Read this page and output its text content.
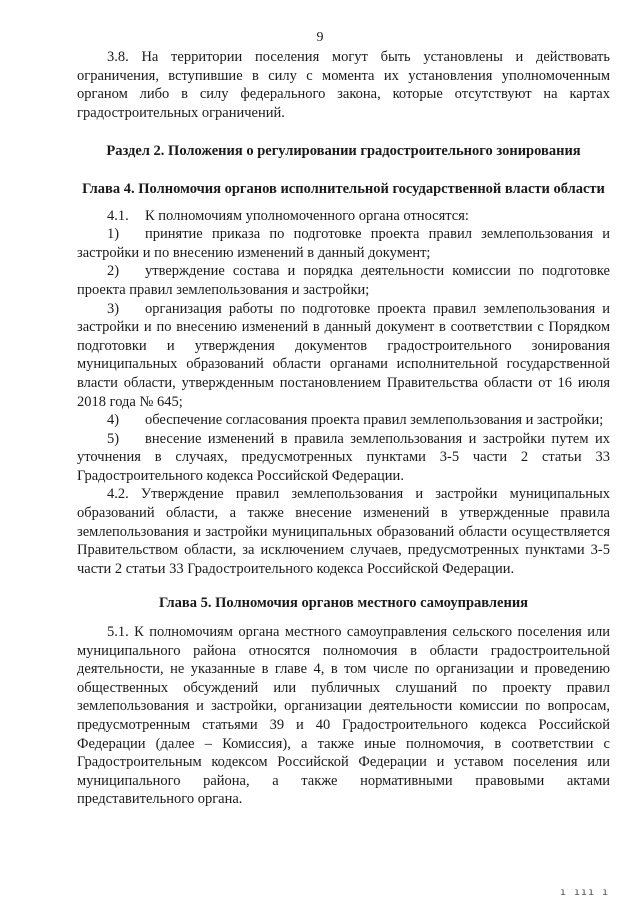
9

3.8. На территории поселения могут быть установлены и действовать ограничения, вступившие в силу с момента их установления уполномоченным органом либо в силу федерального закона, которые отсутствуют на картах градостроительных ограничений.

Раздел 2. Положения о регулировании градостроительного зонирования

Глава 4. Полномочия органов исполнительной государственной власти области

4.1. К полномочиям уполномоченного органа относятся:

1) принятие приказа по подготовке проекта правил землепользования и застройки и по внесению изменений в данный документ;

2) утверждение состава и порядка деятельности комиссии по подготовке проекта правил землепользования и застройки;

3) организация работы по подготовке проекта правил землепользования и застройки и по внесению изменений в данный документ в соответствии с Порядком подготовки и утверждения документов градостроительного зонирования муниципальных образований области органами исполнительной государственной власти области, утвержденным постановлением Правительства области от 16 июля 2018 года № 645;

4) обеспечение согласования проекта правил землепользования и застройки;

5) внесение изменений в правила землепользования и застройки путем их уточнения в случаях, предусмотренных пунктами 3-5 части 2 статьи 33 Градостроительного кодекса Российской Федерации.

4.2. Утверждение правил землепользования и застройки муниципальных образований области, а также внесение изменений в утвержденные правила землепользования и застройки муниципальных образований области осуществляется Правительством области, за исключением случаев, предусмотренных пунктами 3-5 части 2 статьи 33 Градостроительного кодекса Российской Федерации.

Глава 5. Полномочия органов местного самоуправления

5.1. К полномочиям органа местного самоуправления сельского поселения или муниципального района относятся полномочия в области градостроительной деятельности, не указанные в главе 4, в том числе по организации и проведению общественных обсуждений или публичных слушаний по проекту правил землепользования и застройки, организации деятельности комиссии по вопросам, предусмотренным статьями 39 и 40 Градостроительного кодекса Российской Федерации (далее – Комиссия), а также иные полномочия, в соответствии с Градостроительным кодексом Российской Федерации и уставом поселения или муниципального района, а также нормативными правовыми актами представительного органа.

ı ııı ı
